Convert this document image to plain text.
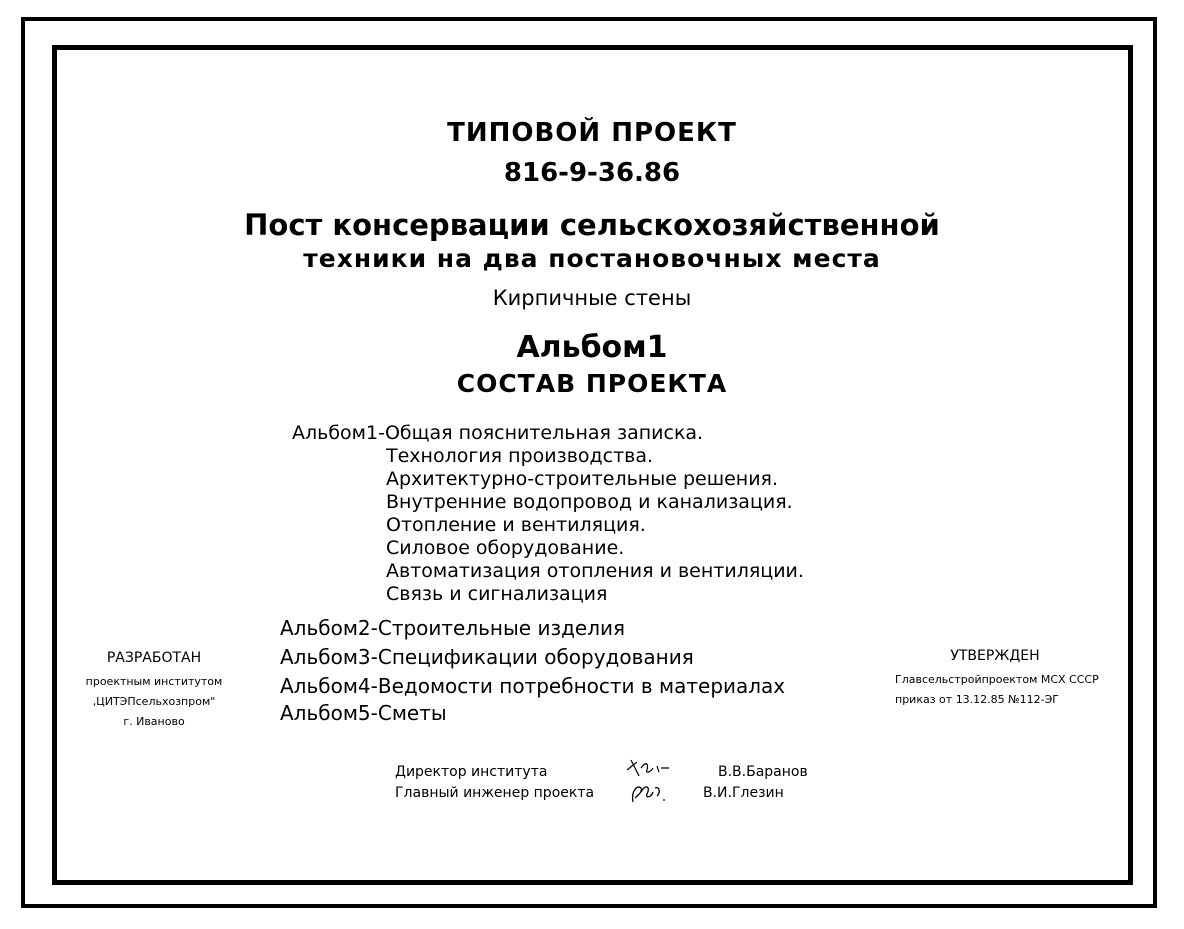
ТИПОВОЙ ПРОЕКТ
816-9-36.86
Пост консервации сельскохозяйственной
техники на два постановочных места
Кирпичные стены
Альбом1
СОСТАВ ПРОЕКТА
Альбом1-Общая пояснительная записка.
Технология производства.
Архитектурно-строительные решения.
Внутренние водопровод и канализация.
Отопление и вентиляция.
Силовое оборудование.
Автоматизация отопления и вентиляции.
Связь и сигнализация
Альбом2-Строительные изделия
Альбом3-Спецификации оборудования
Альбом4-Ведомости потребности в материалах
Альбом5-Сметы
РАЗРАБОТАН
проектным институтом
,ЦИТЭПсельхозпром"
г. Иваново
УТВЕРЖДЕН
Главсельстройпроектом МСХ СССР
приказ от 13.12.85 №112-ЭГ
Директор института
Главный инженер проекта
В.В.Баранов
В.И.Глезин
